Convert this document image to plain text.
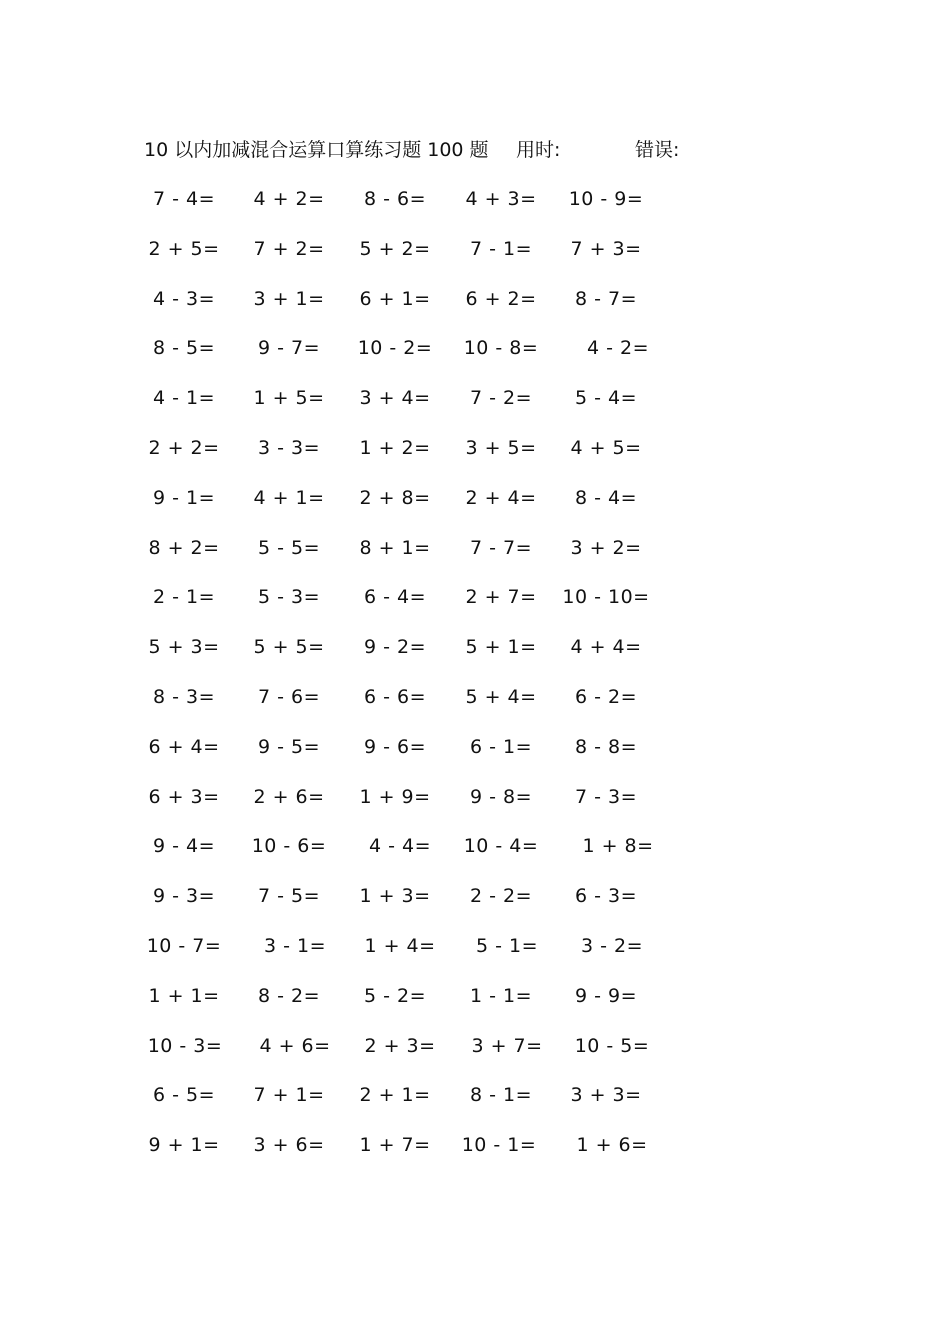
10 以内加减混合运算口算练习题 100 题 用时:	错误:
7 - 4=	4 + 2=	8 - 6=	4 + 3=	10 - 9=
2 + 5=	7 + 2=	5 + 2=	7 - 1=	7 + 3=
4 - 3=	3 + 1=	6 + 1=	6 + 2=	8 - 7=
8 - 5=	9 - 7=	10 - 2=	10 - 8=	4 - 2=
4 - 1=	1 + 5=	3 + 4=	7 - 2=	5 - 4=
2 + 2=	3 - 3=	1 + 2=	3 + 5=	4 + 5=
9 - 1=	4 + 1=	2 + 8=	2 + 4=	8 - 4=
8 + 2=	5 - 5=	8 + 1=	7 - 7=	3 + 2=
2 - 1=	5 - 3=	6 - 4=	2 + 7=	10 - 10=
5 + 3=	5 + 5=	9 - 2=	5 + 1=	4 + 4=
8 - 3=	7 - 6=	6 - 6=	5 + 4=	6 - 2=
6 + 4=	9 - 5=	9 - 6=	6 - 1=	8 - 8=
6 + 3=	2 + 6=	1 + 9=	9 - 8=	7 - 3=
9 - 4=	10 - 6=	4 - 4=	10 - 4=	1 + 8=
9 - 3=	7 - 5=	1 + 3=	2 - 2=	6 - 3=
10 - 7=	3 - 1=	1 + 4=	5 - 1=	3 - 2=
1 + 1=	8 - 2=	5 - 2=	1 - 1=	9 - 9=
10 - 3=	4 + 6=	2 + 3=	3 + 7=	10 - 5=
6 - 5=	7 + 1=	2 + 1=	8 - 1=	3 + 3=
9 + 1=	3 + 6=	1 + 7=	10 - 1=	1 + 6=
